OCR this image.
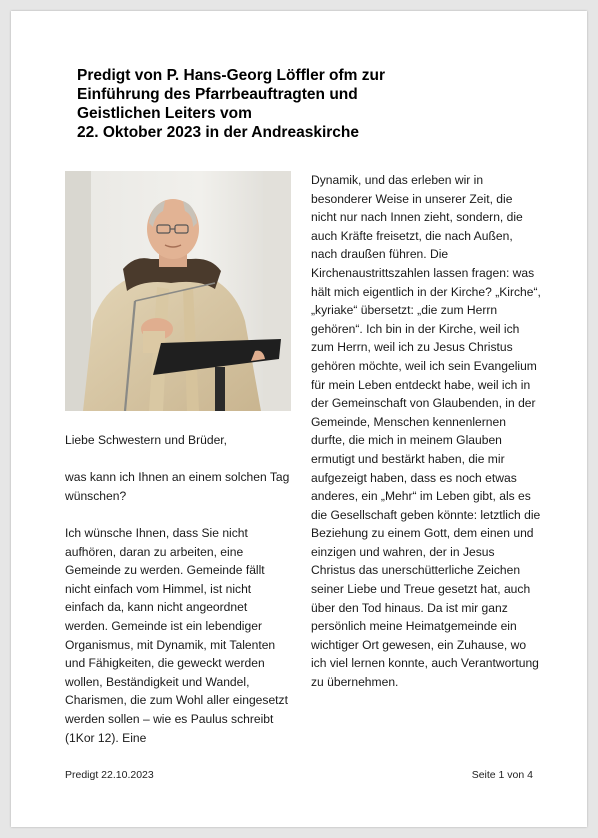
Predigt von P. Hans-Georg Löffler ofm zur
Einführung des Pfarrbeauftragten und
Geistlichen Leiters vom
22. Oktober 2023 in der Andreaskirche

Liebe Schwestern und Brüder,

was kann ich Ihnen an einem solchen Tag wünschen?

Ich wünsche Ihnen, dass Sie nicht aufhören, daran zu arbeiten, eine Gemeinde zu werden. Gemeinde fällt nicht einfach vom Himmel, ist nicht einfach da, kann nicht angeordnet werden. Gemeinde ist ein lebendiger Organismus, mit Dynamik, mit Talenten und Fähigkeiten, die geweckt werden wollen, Beständigkeit und Wandel, Charismen, die zum Wohl aller eingesetzt werden sollen – wie es Paulus schreibt (1Kor 12). Eine

Dynamik, und das erleben wir in besonderer Weise in unserer Zeit, die nicht nur nach Innen zieht, sondern, die auch Kräfte freisetzt, die nach Außen, nach draußen führen. Die Kirchenaustrittszahlen lassen fragen: was hält mich eigentlich in der Kirche? „Kirche“, „kyriake“ übersetzt: „die zum Herrn gehören“. Ich bin in der Kirche, weil ich zum Herrn, weil ich zu Jesus Christus gehören möchte, weil ich sein Evangelium für mein Leben entdeckt habe, weil ich in der Gemeinschaft von Glaubenden, in der Gemeinde, Menschen kennenlernen durfte, die mich in meinem Glauben ermutigt und bestärkt haben, die mir aufgezeigt haben, dass es noch etwas anderes, ein „Mehr“ im Leben gibt, als es die Gesellschaft geben könnte: letztlich die Beziehung zu einem Gott, dem einen und einzigen und wahren, der in Jesus Christus das unerschütterliche Zeichen seiner Liebe und Treue gesetzt hat, auch über den Tod hinaus. Da ist mir ganz persönlich meine Heimatgemeinde ein wichtiger Ort gewesen, ein Zuhause, wo ich viel lernen konnte, auch Verantwortung zu übernehmen.

Predigt 22.10.2023	Seite 1 von 4
